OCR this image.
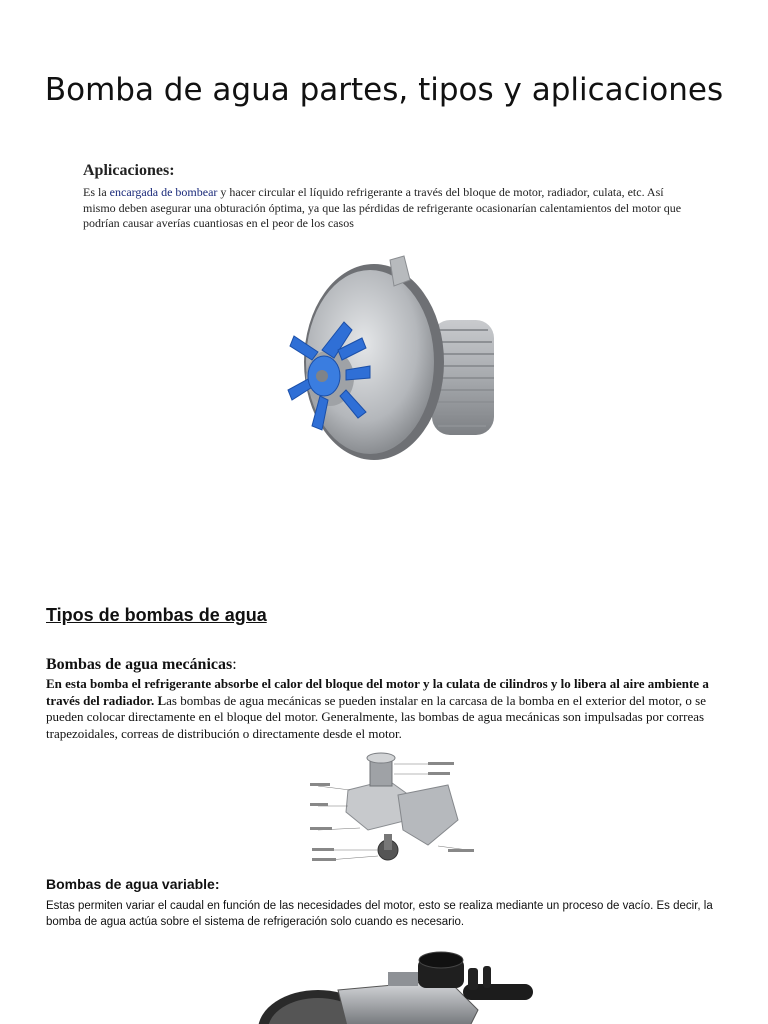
Bomba de agua partes, tipos y aplicaciones
Aplicaciones:

Es la encargada de bombear y hacer circular el líquido refrigerante a través del bloque de motor, radiador, culata, etc. Así mismo deben asegurar una obturación óptima, ya que las pérdidas de refrigerante ocasionarían calentamientos del motor que podrían causar averías cuantiosas en el peor de los casos

Tipos de bombas de agua
Bombas de agua mecánicas:

En esta bomba el refrigerante absorbe el calor del bloque del motor y la culata de cilindros y lo libera al aire ambiente a través del radiador. Las bombas de agua mecánicas se pueden instalar en la carcasa de la bomba en el exterior del motor, o se pueden colocar directamente en el bloque del motor. Generalmente, las bombas de agua mecánicas son impulsadas por correas trapezoidales, correas de distribución o directamente desde el motor.

Bombas de agua variable:

Estas permiten variar el caudal en función de las necesidades del motor, esto se realiza mediante un proceso de vacío. Es decir, la bomba de agua actúa sobre el sistema de refrigeración solo cuando es necesario.
